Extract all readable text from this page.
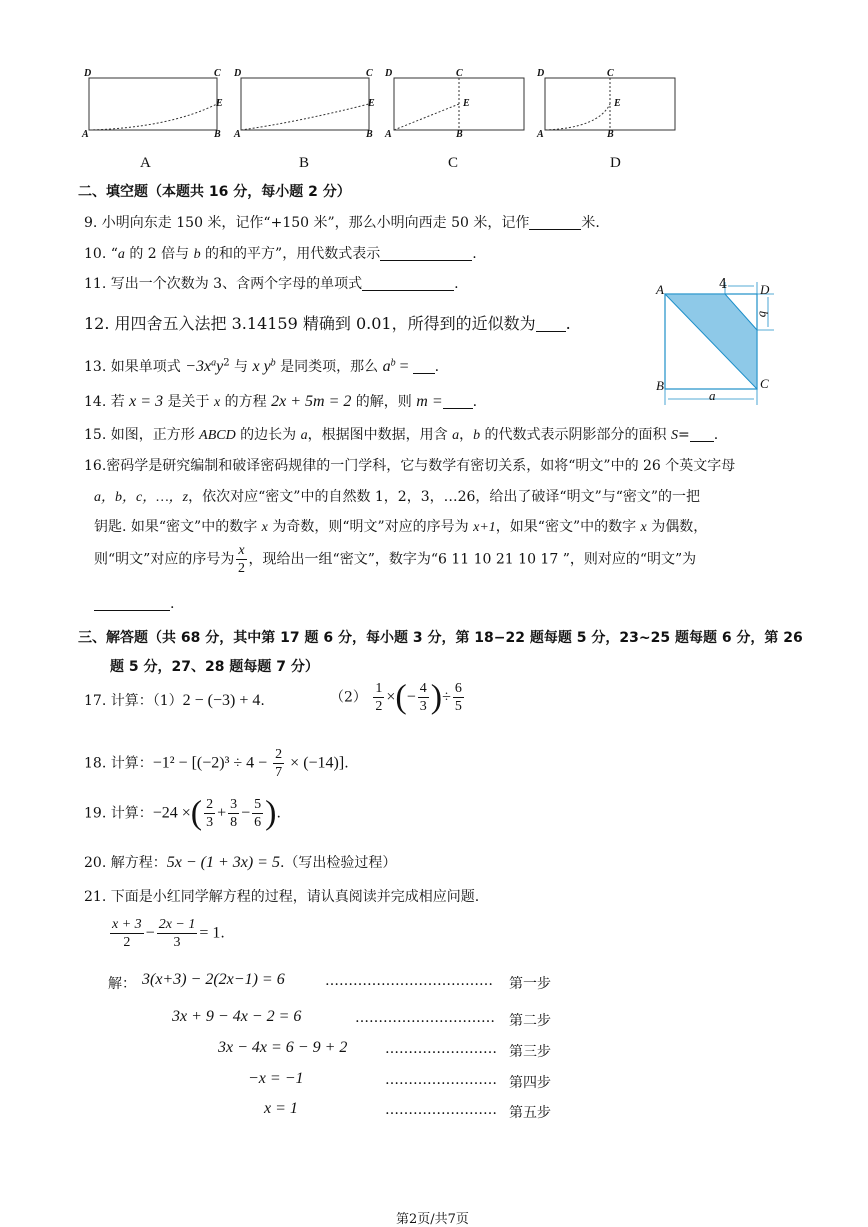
D	C
A	B
E
D	C
A	B
E
D	C
A	B
E
D	C
A	B
E
A	B	C	D
二、填空题（本题共 16 分，每小题 2 分）
9. 小明向东走 150 米，记作“+150 米”，那么小明向西走 50 米，记作	米.
10. “a 的 2 倍与 b 的和的平方”，用代数式表示	.
11. 写出一个次数为 3、含两个字母的单项式	.
12. 用四舍五入法把 3.14159 精确到 0.01，所得到的近似数为 .
13. 如果单项式 $-3x^ay^2$ 与 x $y^b$ 是同类项，那么 $a^b$ = .
14. 若 x = 3 是关于 x 的方程 2x + 5m = 2 的解，则 m = .
15. 如图，正方形 ABCD 的边长为 a，根据图中数据，用含 a，b 的代数式表示阴影部分的面积 S= .
A	D
B	C
4
b
a
16.密码学是研究编制和破译密码规律的一门学科，它与数学有密切关系，如将“明文”中的 26 个英文字母
a，b，c，…，z，依次对应“密文”中的自然数 1，2，3，…26，给出了破译“明文”与“密文”的一把
钥匙. 如果“密文”中的数字 x 为奇数，则“明文”对应的序号为 x+1，如果“密文”中的数字 x 为偶数，
则“明文”对应的序号为 $\frac{x}{2}$ ，现给出一组“密文”，数字为“6 11 10 21 10 17 ”，则对应的“明文”为
.
三、解答题（共 68 分，其中第 17 题 6 分，每小题 3 分，第 18−22 题每题 5 分，23~25 题每题 6 分，第 26
题 5 分，27、28 题每题 7 分）
17. 计算：（1）2 − (−3) + 4.	$(2) \frac{1}{2}$ ×(− $\frac{4}{3}$ )÷ $\frac{6}{5}$
18. 计算：$-1^2 - [(-2)^3 \div 4 - \frac{2}{7} \times (-14)]$.
19. 计算：−24 ×( $\frac{2}{3} + \frac{3}{8} - \frac{5}{6}$ ).
20. 解方程：5x − (1 + 3x) = 5.（写出检验过程）
21. 下面是小红同学解方程的过程，请认真阅读并完成相应问题.
$\frac{x + 3}{2} - \frac{2x - 1}{3} = 1$.
解： 3(x+3) − 2(2x−1) = 6	……………………………… 第一步
3x + 9 − 4x − 2 = 6	………………………… 第二步
3x − 4x = 6 − 9 + 2	…………………… 第三步
−x = −1	…………………… 第四步
x = 1	…………………… 第五步
第2页/共7页
